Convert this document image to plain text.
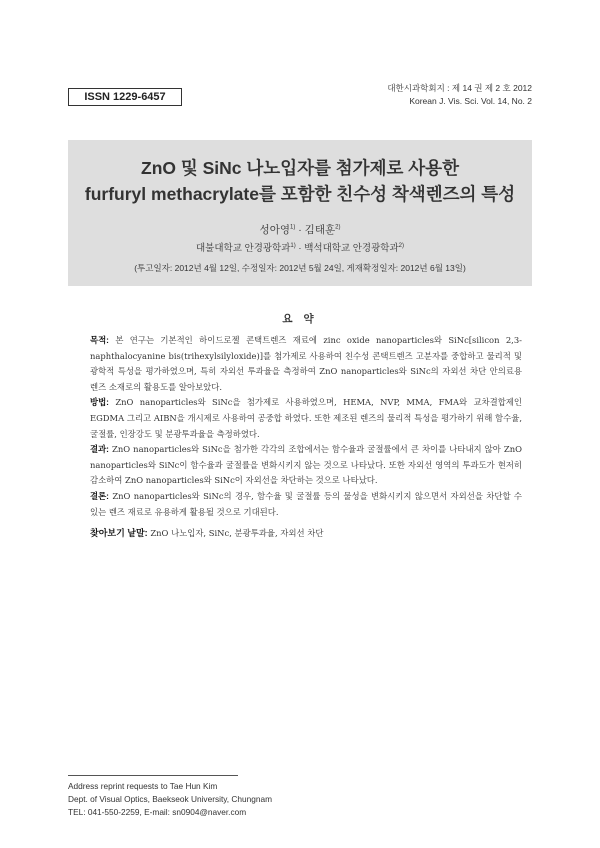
ISSN 1229-6457
대한시과학회지 : 제 14 권 제 2 호 2012
Korean J. Vis. Sci. Vol. 14, No. 2
ZnO 및 SiNc 나노입자를 첨가제로 사용한
furfuryl methacrylate를 포함한 친수성 착색렌즈의 특성
성아영$^{1)}$ · 김태훈$^{2)}$
대불대학교 안경광학과$^{1)}$ · 백석대학교 안경광학과$^{2)}$
(투고일자: 2012년 4월 12일, 수정일자: 2012년 5월 24일, 게재확정일자: 2012년 6월 13일)
요 약

목적: 본 연구는 기본적인 하이드로젤 콘택트렌즈 재료에 zinc oxide nanoparticles와 SiNc[silicon 2,3-naphthalocyanine bis(trihexylsilyloxide)]를 첨가제로 사용하여 친수성 콘택트렌즈 고분자를 중합하고 물리적 및 광학적 특성을 평가하였으며, 특히 자외선 투과율을 측정하여 ZnO nanoparticles와 SiNc의 자외선 차단 안의료용 렌즈 소재로의 활용도를 알아보았다.

방법: ZnO nanoparticles와 SiNc을 첨가제로 사용하였으며, HEMA, NVP, MMA, FMA와 교차결합제인 EGDMA 그리고 AIBN을 개시제로 사용하여 공중합 하였다. 또한 제조된 렌즈의 물리적 특성을 평가하기 위해 함수율, 굴절률, 인장강도 및 분광투과율을 측정하였다.

결과: ZnO nanoparticles와 SiNc을 첨가한 각각의 조합에서는 함수율과 굴절률에서 큰 차이를 나타내지 않아 ZnO nanoparticles와 SiNc이 함수율과 굴절률을 변화시키지 않는 것으로 나타났다. 또한 자외선 영역의 투과도가 현저히 감소하여 ZnO nanoparticles와 SiNc이 자외선을 차단하는 것으로 나타났다.

결론: ZnO nanoparticles와 SiNc의 경우, 함수율 및 굴절률 등의 물성을 변화시키지 않으면서 자외선을 차단할 수 있는 렌즈 재료로 유용하게 활용될 것으로 기대된다.

찾아보기 낱말: ZnO 나노입자, SiNc, 분광투과율, 자외선 차단
Address reprint requests to Tae Hun Kim
Dept. of Visual Optics, Baekseok University, Chungnam
TEL: 041-550-2259, E-mail: sn0904@naver.com
